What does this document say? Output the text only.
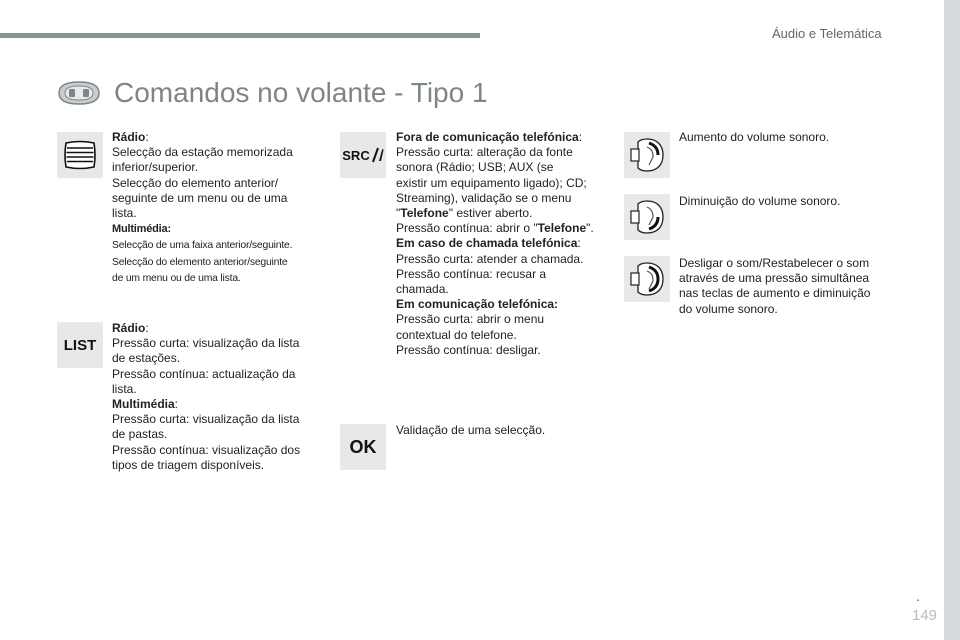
Áudio e Telemática
Comandos no volante - Tipo 1
LIST
SRC
OK
Rádio:
Selecção da estação memorizada
inferior/superior.
Selecção do elemento anterior/
seguinte de um menu ou de uma
lista.
Multimédia:
Selecção de uma faixa anterior/seguinte.
Selecção do elemento anterior/seguinte
de um menu ou de uma lista.
Rádio:
Pressão curta: visualização da lista
de estações.
Pressão contínua: actualização da
lista.
Multimédia:
Pressão curta: visualização da lista
de pastas.
Pressão contínua: visualização dos
tipos de triagem disponíveis.
Fora de comunicação telefónica:
Pressão curta: alteração da fonte
sonora (Rádio; USB; AUX (se
existir um equipamento ligado); CD;
Streaming), validação se o menu
"Telefone" estiver aberto.
Pressão contínua: abrir o "Telefone".
Em caso de chamada telefónica:
Pressão curta: atender a chamada.
Pressão contínua: recusar a
chamada.
Em comunicação telefónica:
Pressão curta: abrir o menu
contextual do telefone.
Pressão contínua: desligar.
Validação de uma selecção.
Aumento do volume sonoro.
Diminuição do volume sonoro.
Desligar o som/Restabelecer o som
através de uma pressão simultânea
nas teclas de aumento e diminuição
do volume sonoro.
.
149
